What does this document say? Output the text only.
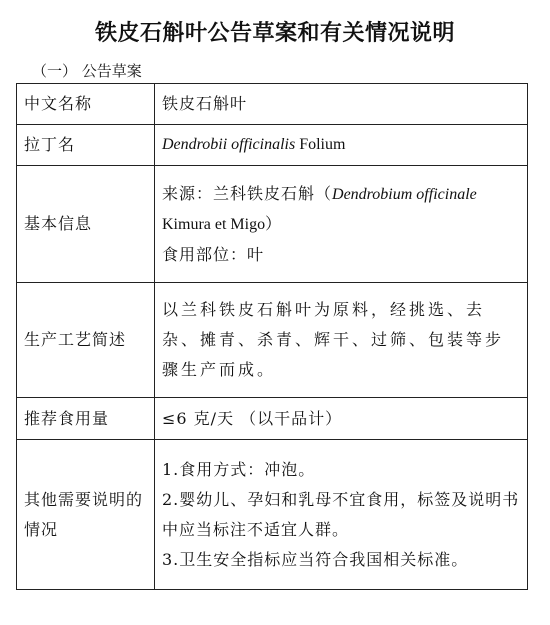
铁皮石斛叶公告草案和有关情况说明
（一） 公告草案
中文名称	铁皮石斛叶
拉丁名	Dendrobii officinalis Folium
基本信息	来源：兰科铁皮石斛（Dendrobium officinale
Kimura et Migo）
食用部位：叶

生产工艺简述	以兰科铁皮石斛叶为原料，经挑选、去杂、摊青、杀青、辉干、过筛、包装等步骤生产而成。
推荐食用量	≤6 克/天 （以干品计）
其他需要说明的情况	1.食用方式：冲泡。
2.婴幼儿、孕妇和乳母不宜食用，标签及说明书中应当标注不适宜人群。
3.卫生安全指标应当符合我国相关标准。
